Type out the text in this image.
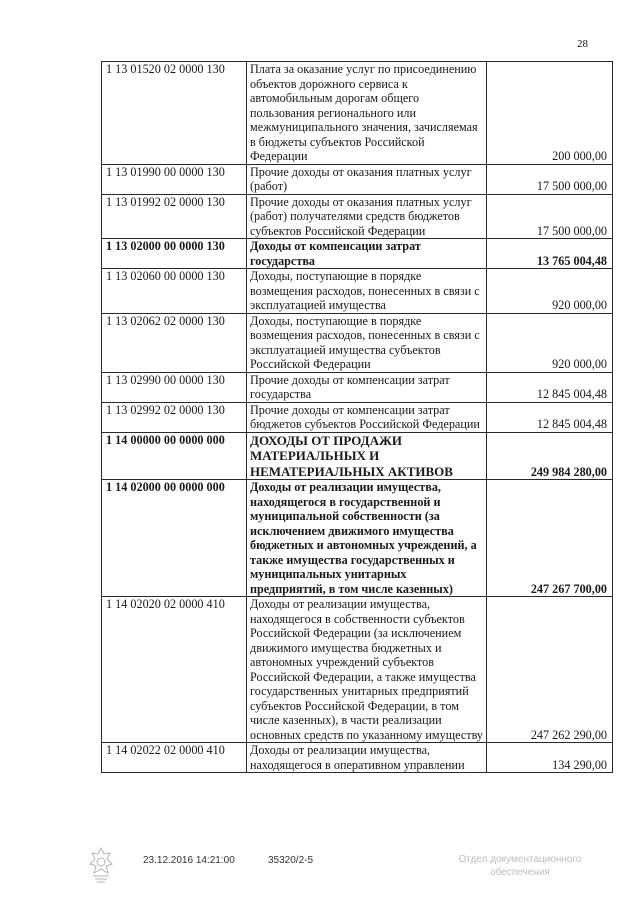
28
1 13 01520 02 0000 130	Плата за оказание услуг по присоединению объектов дорожного сервиса к автомобильным дорогам общего пользования регионального или межмуниципального значения, зачисляемая в бюджеты субъектов Российской Федерации	200 000,00
1 13 01990 00 0000 130	Прочие доходы от оказания платных услуг (работ)	17 500 000,00
1 13 01992 02 0000 130	Прочие доходы от оказания платных услуг (работ) получателями средств бюджетов субъектов Российской Федерации	17 500 000,00
1 13 02000 00 0000 130	Доходы от компенсации затрат государства	13 765 004,48
1 13 02060 00 0000 130	Доходы, поступающие в порядке возмещения расходов, понесенных в связи с эксплуатацией имущества	920 000,00
1 13 02062 02 0000 130	Доходы, поступающие в порядке возмещения расходов, понесенных в связи с эксплуатацией имущества субъектов Российской Федерации	920 000,00
1 13 02990 00 0000 130	Прочие доходы от компенсации затрат государства	12 845 004,48
1 13 02992 02 0000 130	Прочие доходы от компенсации затрат бюджетов субъектов Российской Федерации	12 845 004,48
1 14 00000 00 0000 000	ДОХОДЫ ОТ ПРОДАЖИ МАТЕРИАЛЬНЫХ И НЕМАТЕРИАЛЬНЫХ АКТИВОВ	249 984 280,00
1 14 02000 00 0000 000	Доходы от реализации имущества, находящегося в государственной и муниципальной собственности (за исключением движимого имущества бюджетных и автономных учреждений, а также имущества государственных и муниципальных унитарных предприятий, в том числе казенных)	247 267 700,00
1 14 02020 02 0000 410	Доходы от реализации имущества, находящегося в собственности субъектов Российской Федерации (за исключением движимого имущества бюджетных и автономных учреждений субъектов Российской Федерации, а также имущества государственных унитарных предприятий субъектов Российской Федерации, в том числе казенных), в части реализации основных средств по указанному имуществу	247 262 290,00
1 14 02022 02 0000 410	Доходы от реализации имущества, находящегося в оперативном управлении	134 290,00
23.12.2016 14:21:00	35320/2-5	Отдел документационного обеспечения
